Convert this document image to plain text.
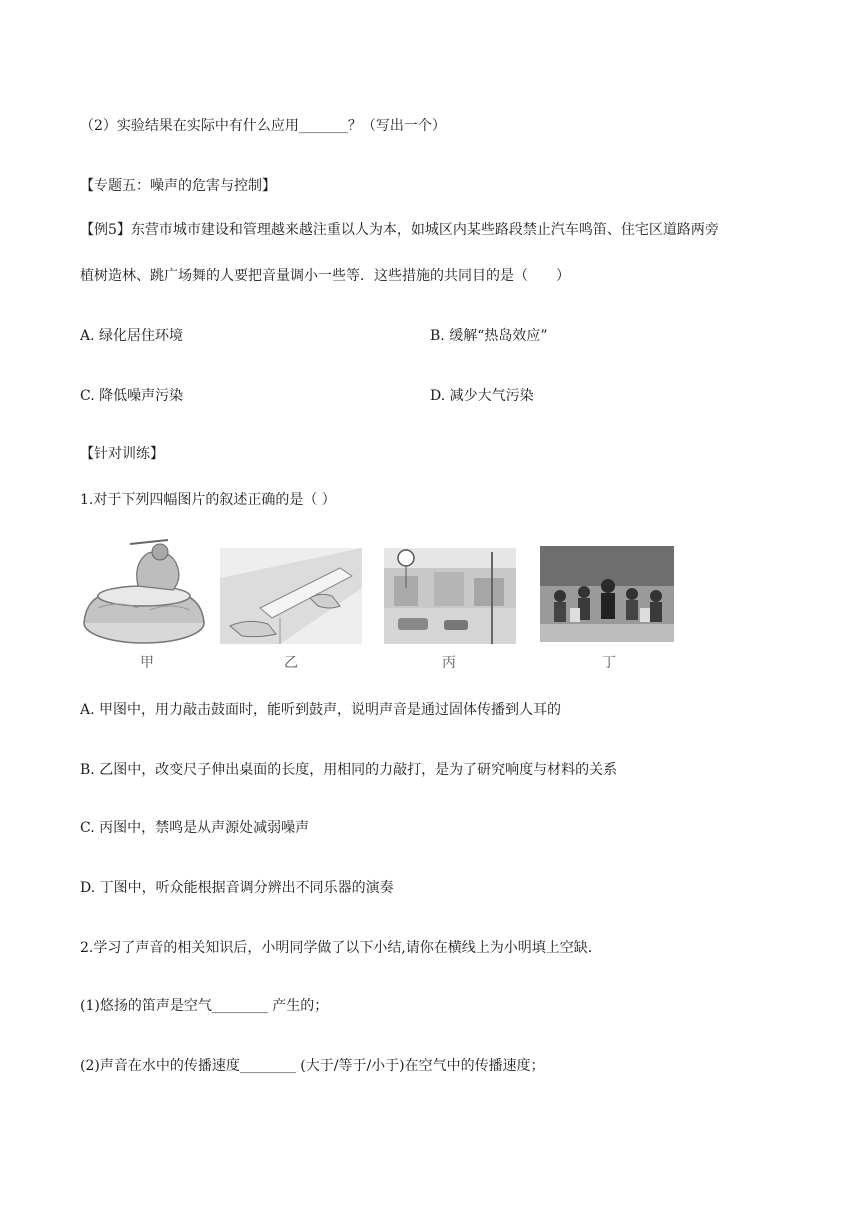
（2）实验结果在实际中有什么应用_______？（写出一个）
【专题五：噪声的危害与控制】
【例5】东营市城市建设和管理越来越注重以人为本，如城区内某些路段禁止汽车鸣笛、住宅区道路两旁
植树造林、跳广场舞的人要把音量调小一些等．这些措施的共同目的是（　　）
A. 绿化居住环境	B. 缓解“热岛效应”
C. 降低噪声污染	D. 减少大气污染
【针对训练】
1.对于下列四幅图片的叙述正确的是（ ）
甲	乙	丙	丁
A. 甲图中，用力敲击鼓面时，能听到鼓声，说明声音是通过固体传播到人耳的
B. 乙图中，改变尺子伸出桌面的长度，用相同的力敲打，是为了研究响度与材料的关系
C. 丙图中，禁鸣是从声源处减弱噪声
D. 丁图中，听众能根据音调分辨出不同乐器的演奏
2.学习了声音的相关知识后，小明同学做了以下小结,请你在横线上为小明填上空缺．
(1)悠扬的笛声是空气________ 产生的；
(2)声音在水中的传播速度________ (大于/等于/小于)在空气中的传播速度；
